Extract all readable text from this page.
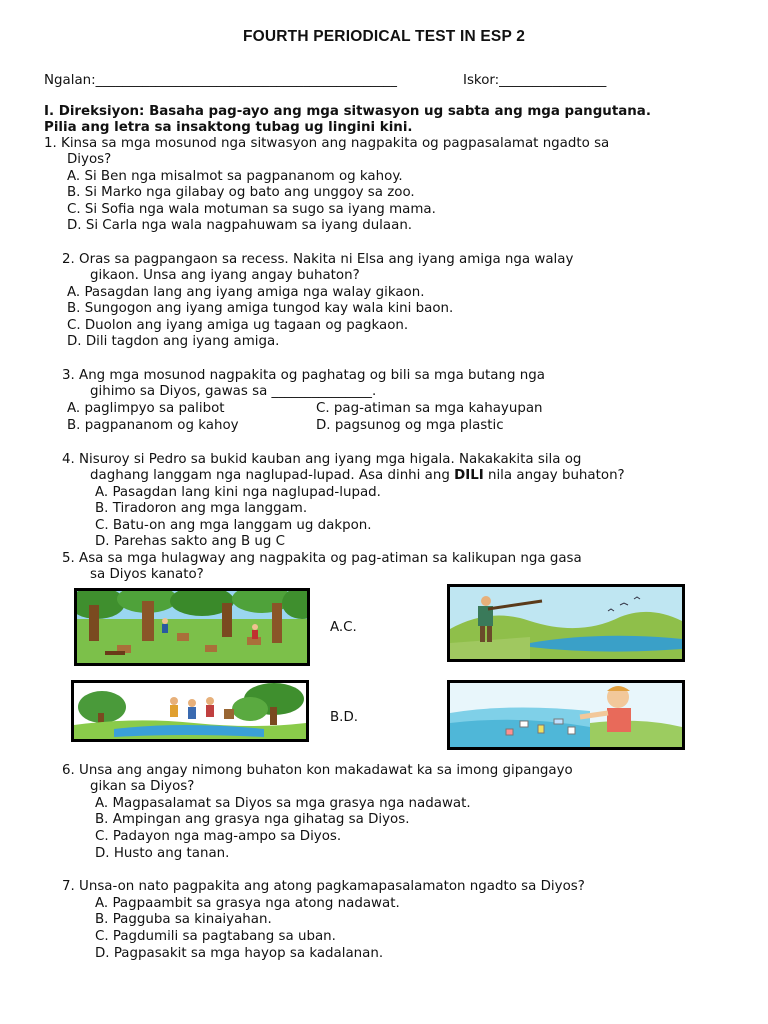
FOURTH PERIODICAL TEST IN ESP 2
Ngalan:_____________________________________________	Iskor:________________
I. Direksiyon: Basaha pag-ayo ang mga sitwasyon ug sabta ang mga pangutana.
Pilia ang letra sa insaktong tubag ug lingini kini.
1. Kinsa sa mga mosunod nga sitwasyon ang nagpakita og pagpasalamat ngadto sa
Diyos?
A. Si Ben nga misalmot sa pagpananom og kahoy.
B. Si Marko nga gilabay og bato ang unggoy sa zoo.
C. Si Sofia nga wala motuman sa sugo sa iyang mama.
D. Si Carla nga wala nagpahuwam sa iyang dulaan.
2. Oras sa pagpangaon sa recess. Nakita ni Elsa ang iyang amiga nga walay
gikaon. Unsa ang iyang angay buhaton?
A. Pasagdan lang ang iyang amiga nga walay gikaon.
B. Sungogon ang iyang amiga tungod kay wala kini baon.
C. Duolon ang iyang amiga ug tagaan og pagkaon.
D. Dili tagdon ang iyang amiga.
3. Ang mga mosunod nagpakita og paghatag og bili sa mga butang nga
gihimo sa Diyos, gawas sa _______________.
A. paglimpyo sa palibot	C. pag-atiman sa mga kahayupan
B. pagpananom og kahoy	D. pagsunog og mga plastic
4. Nisuroy si Pedro sa bukid kauban ang iyang mga higala. Nakakakita sila og
daghang langgam nga naglupad-lupad. Asa dinhi ang DILI nila angay buhaton?
A. Pasagdan lang kini nga naglupad-lupad.
B. Tiradoron ang mga langgam.
C. Batu-on ang mga langgam ug dakpon.
D. Parehas sakto ang B ug C
5. Asa sa mga hulagway ang nagpakita og pag-atiman sa kalikupan nga gasa
sa Diyos kanato?
A.C.
B.D.
6. Unsa ang angay nimong buhaton kon makadawat ka sa imong gipangayo
gikan sa Diyos?
A. Magpasalamat sa Diyos sa mga grasya nga nadawat.
B. Ampingan ang grasya nga gihatag sa Diyos.
C. Padayon nga mag-ampo sa Diyos.
D. Husto ang tanan.
7. Unsa-on nato pagpakita ang atong pagkamapasalamaton ngadto sa Diyos?
A. Pagpaambit sa grasya nga atong nadawat.
B. Pagguba sa kinaiyahan.
C. Pagdumili sa pagtabang sa uban.
D. Pagpasakit sa mga hayop sa kadalanan.
